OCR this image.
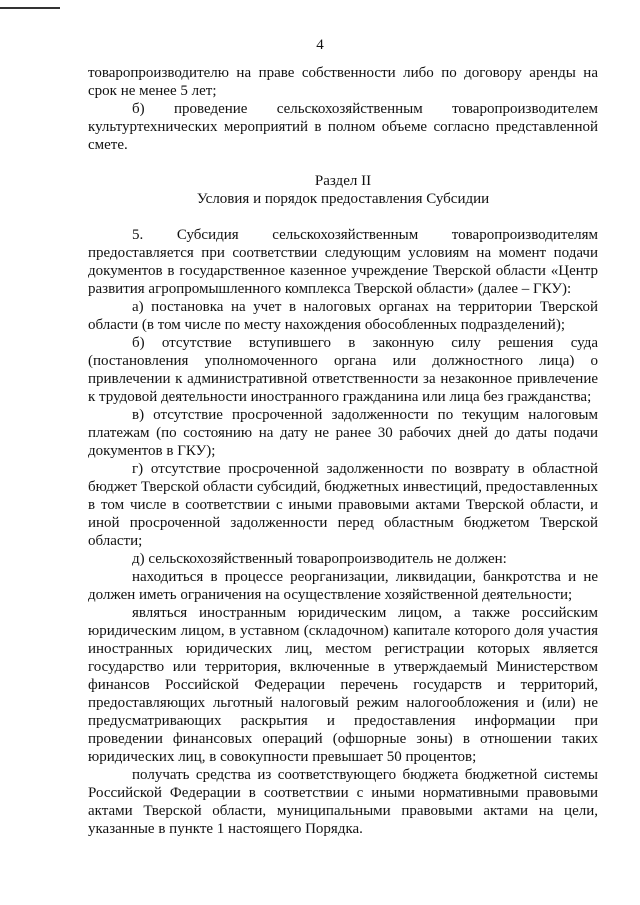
4

товаропроизводителю на праве собственности либо по договору аренды на срок не менее 5 лет;

б) проведение сельскохозяйственным товаропроизводителем культуртехнических мероприятий в полном объеме согласно представленной смете.

Раздел II

Условия и порядок предоставления Субсидии

5. Субсидия сельскохозяйственным товаропроизводителям предоставляется при соответствии следующим условиям на момент подачи документов в государственное казенное учреждение Тверской области «Центр развития агропромышленного комплекса Тверской области» (далее – ГКУ):

а) постановка на учет в налоговых органах на территории Тверской области (в том числе по месту нахождения обособленных подразделений);

б) отсутствие вступившего в законную силу решения суда (постановления уполномоченного органа или должностного лица) о привлечении к административной ответственности за незаконное привлечение к трудовой деятельности иностранного гражданина или лица без гражданства;

в) отсутствие просроченной задолженности по текущим налоговым платежам (по состоянию на дату не ранее 30 рабочих дней до даты подачи документов в ГКУ);

г) отсутствие просроченной задолженности по возврату в областной бюджет Тверской области субсидий, бюджетных инвестиций, предоставленных в том числе в соответствии с иными правовыми актами Тверской области, и иной просроченной задолженности перед областным бюджетом Тверской области;

д) сельскохозяйственный товаропроизводитель не должен:

находиться в процессе реорганизации, ликвидации, банкротства и не должен иметь ограничения на осуществление хозяйственной деятельности;

являться иностранным юридическим лицом, а также российским юридическим лицом, в уставном (складочном) капитале которого доля участия иностранных юридических лиц, местом регистрации которых является государство или территория, включенные в утверждаемый Министерством финансов Российской Федерации перечень государств и территорий, предоставляющих льготный налоговый режим налогообложения и (или) не предусматривающих раскрытия и предоставления информации при проведении финансовых операций (офшорные зоны) в отношении таких юридических лиц, в совокупности превышает 50 процентов;

получать средства из соответствующего бюджета бюджетной системы Российской Федерации в соответствии с иными нормативными правовыми актами Тверской области, муниципальными правовыми актами на цели, указанные в пункте 1 настоящего Порядка.
